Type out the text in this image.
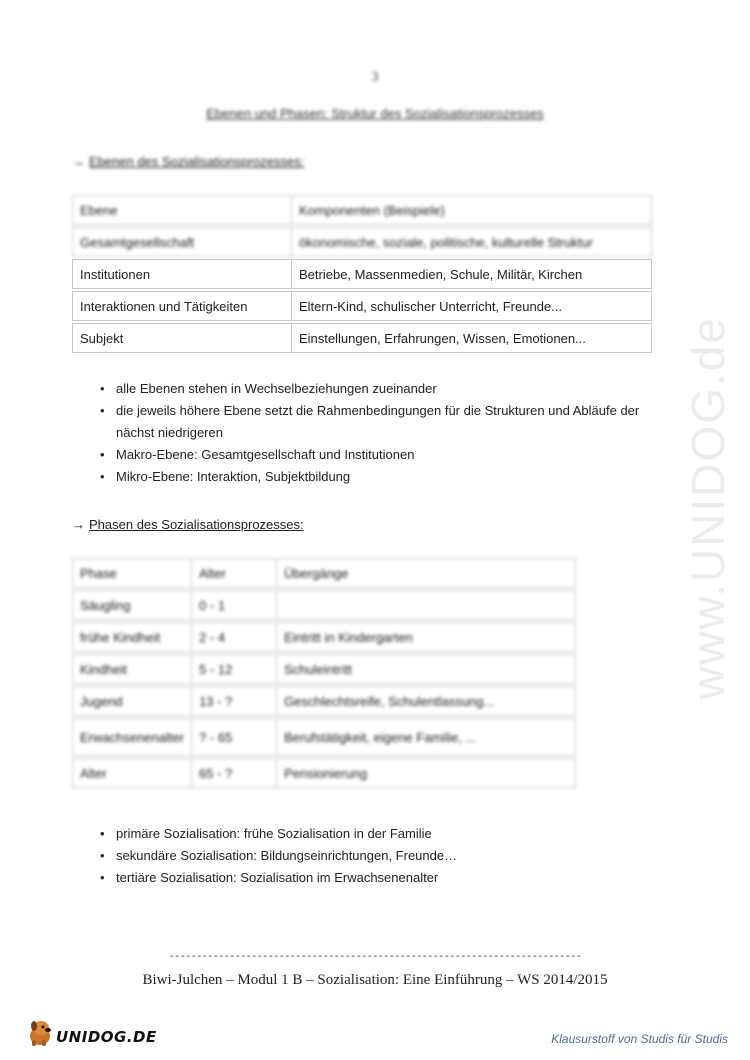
www.UNIDOG.de
3
Ebenen und Phasen: Struktur des Sozialisationsprozesses
→ Ebenen des Sozialisationsprozesses:
Ebene	Komponenten (Beispiele)
Gesamtgesellschaft	ökonomische, soziale, politische, kulturelle Struktur
Institutionen	Betriebe, Massenmedien, Schule, Militär, Kirchen
Interaktionen und Tätigkeiten	Eltern-Kind, schulischer Unterricht, Freunde...
Subjekt	Einstellungen, Erfahrungen, Wissen, Emotionen...
• alle Ebenen stehen in Wechselbeziehungen zueinander
• die jeweils höhere Ebene setzt die Rahmenbedingungen für die Strukturen und Abläufe der nächst niedrigeren
• Makro-Ebene: Gesamtgesellschaft und Institutionen
• Mikro-Ebene: Interaktion, Subjektbildung
→ Phasen des Sozialisationsprozesses:
Phase	Alter	Übergänge
Säugling	0 - 1	
frühe Kindheit	2 - 4	Eintritt in Kindergarten
Kindheit	5 - 12	Schuleintritt
Jugend	13 - ?	Geschlechtsreife, Schulentlassung...
Erwachsenenalter	? - 65	Berufstätigkeit, eigene Familie, ...
Alter	65 - ?	Pensionierung
• primäre Sozialisation: frühe Sozialisation in der Familie
• sekundäre Sozialisation: Bildungseinrichtungen, Freunde…
• tertiäre Sozialisation: Sozialisation im Erwachsenenalter
---------------------------------------------------------------------------
Biwi-Julchen – Modul 1 B – Sozialisation: Eine Einführung – WS 2014/2015
UNIDOG.DE	Klausurstoff von Studis für Studis
